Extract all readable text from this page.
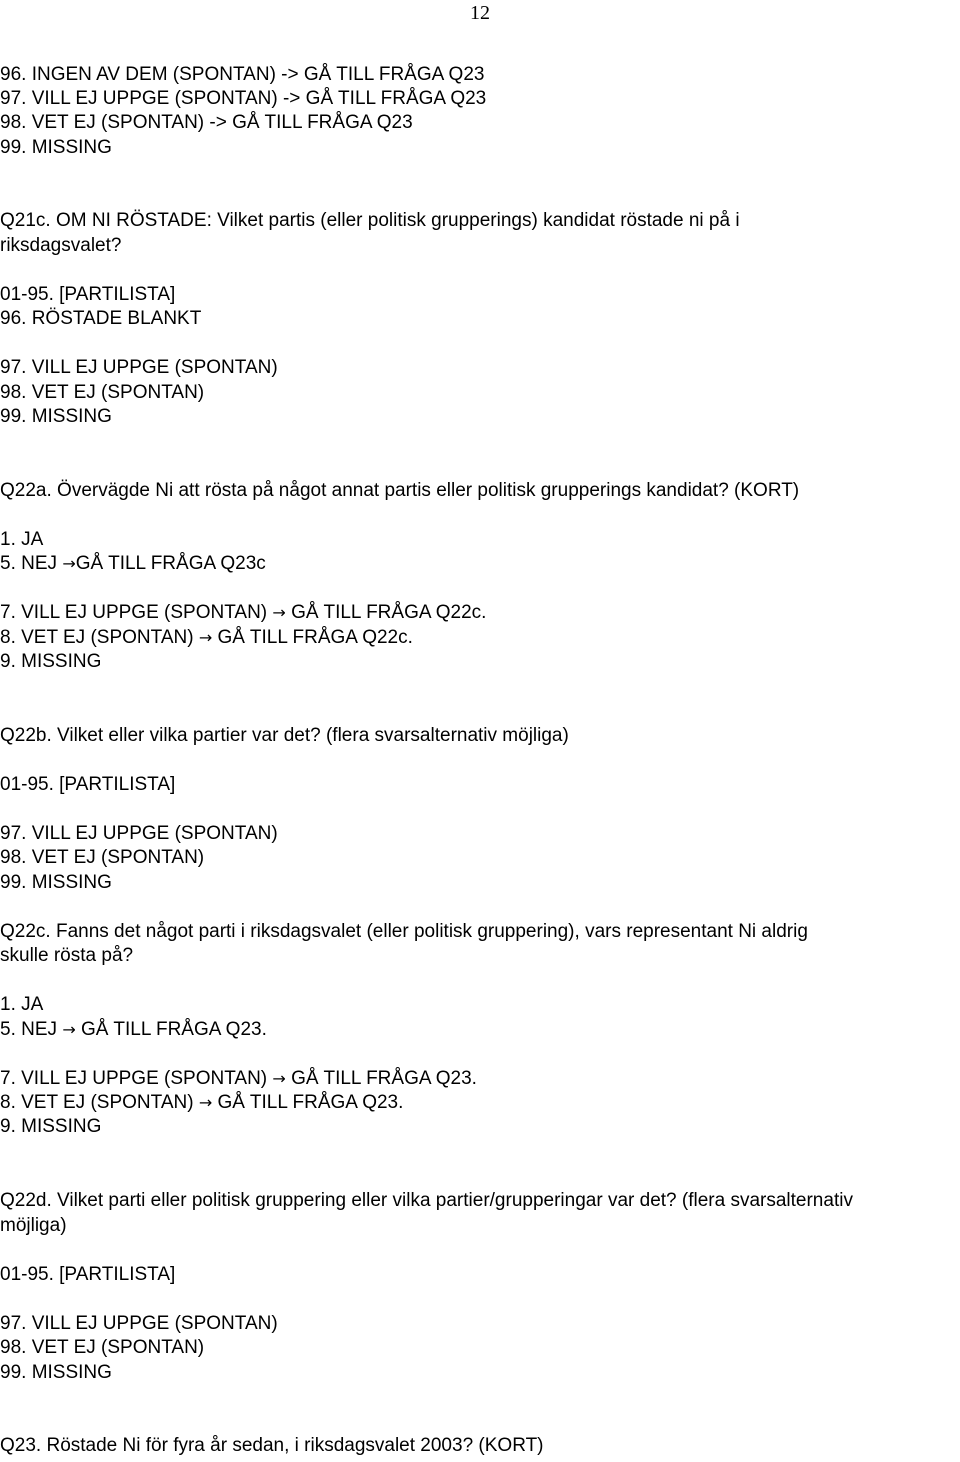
12
96. INGEN AV DEM (SPONTAN) -> GÅ TILL FRÅGA Q23
97. VILL EJ UPPGE (SPONTAN) -> GÅ TILL FRÅGA Q23
98. VET EJ (SPONTAN) -> GÅ TILL FRÅGA Q23
99. MISSING
Q21c. OM NI RÖSTADE: Vilket partis (eller politisk grupperings) kandidat röstade ni på i
riksdagsvalet?
01-95. [PARTILISTA]
96. RÖSTADE BLANKT
97. VILL EJ UPPGE (SPONTAN)
98. VET EJ (SPONTAN)
99. MISSING
Q22a. Övervägde Ni att rösta på något annat partis eller politisk grupperings kandidat? (KORT)
1. JA
5. NEJ →GÅ TILL FRÅGA Q23c
7. VILL EJ UPPGE (SPONTAN) → GÅ TILL FRÅGA Q22c.
8. VET EJ (SPONTAN) → GÅ TILL FRÅGA Q22c.
9. MISSING
Q22b. Vilket eller vilka partier var det? (flera svarsalternativ möjliga)
01-95. [PARTILISTA]
97. VILL EJ UPPGE (SPONTAN)
98. VET EJ (SPONTAN)
99. MISSING
Q22c. Fanns det något parti i riksdagsvalet (eller politisk gruppering), vars representant Ni aldrig
skulle rösta på?
1. JA
5. NEJ → GÅ TILL FRÅGA Q23.
7. VILL EJ UPPGE (SPONTAN) → GÅ TILL FRÅGA Q23.
8. VET EJ (SPONTAN) → GÅ TILL FRÅGA Q23.
9. MISSING
Q22d. Vilket parti eller politisk gruppering eller vilka partier/grupperingar var det? (flera svarsalternativ
möjliga)
01-95. [PARTILISTA]
97. VILL EJ UPPGE (SPONTAN)
98. VET EJ (SPONTAN)
99. MISSING
Q23. Röstade Ni för fyra år sedan, i riksdagsvalet 2003? (KORT)
